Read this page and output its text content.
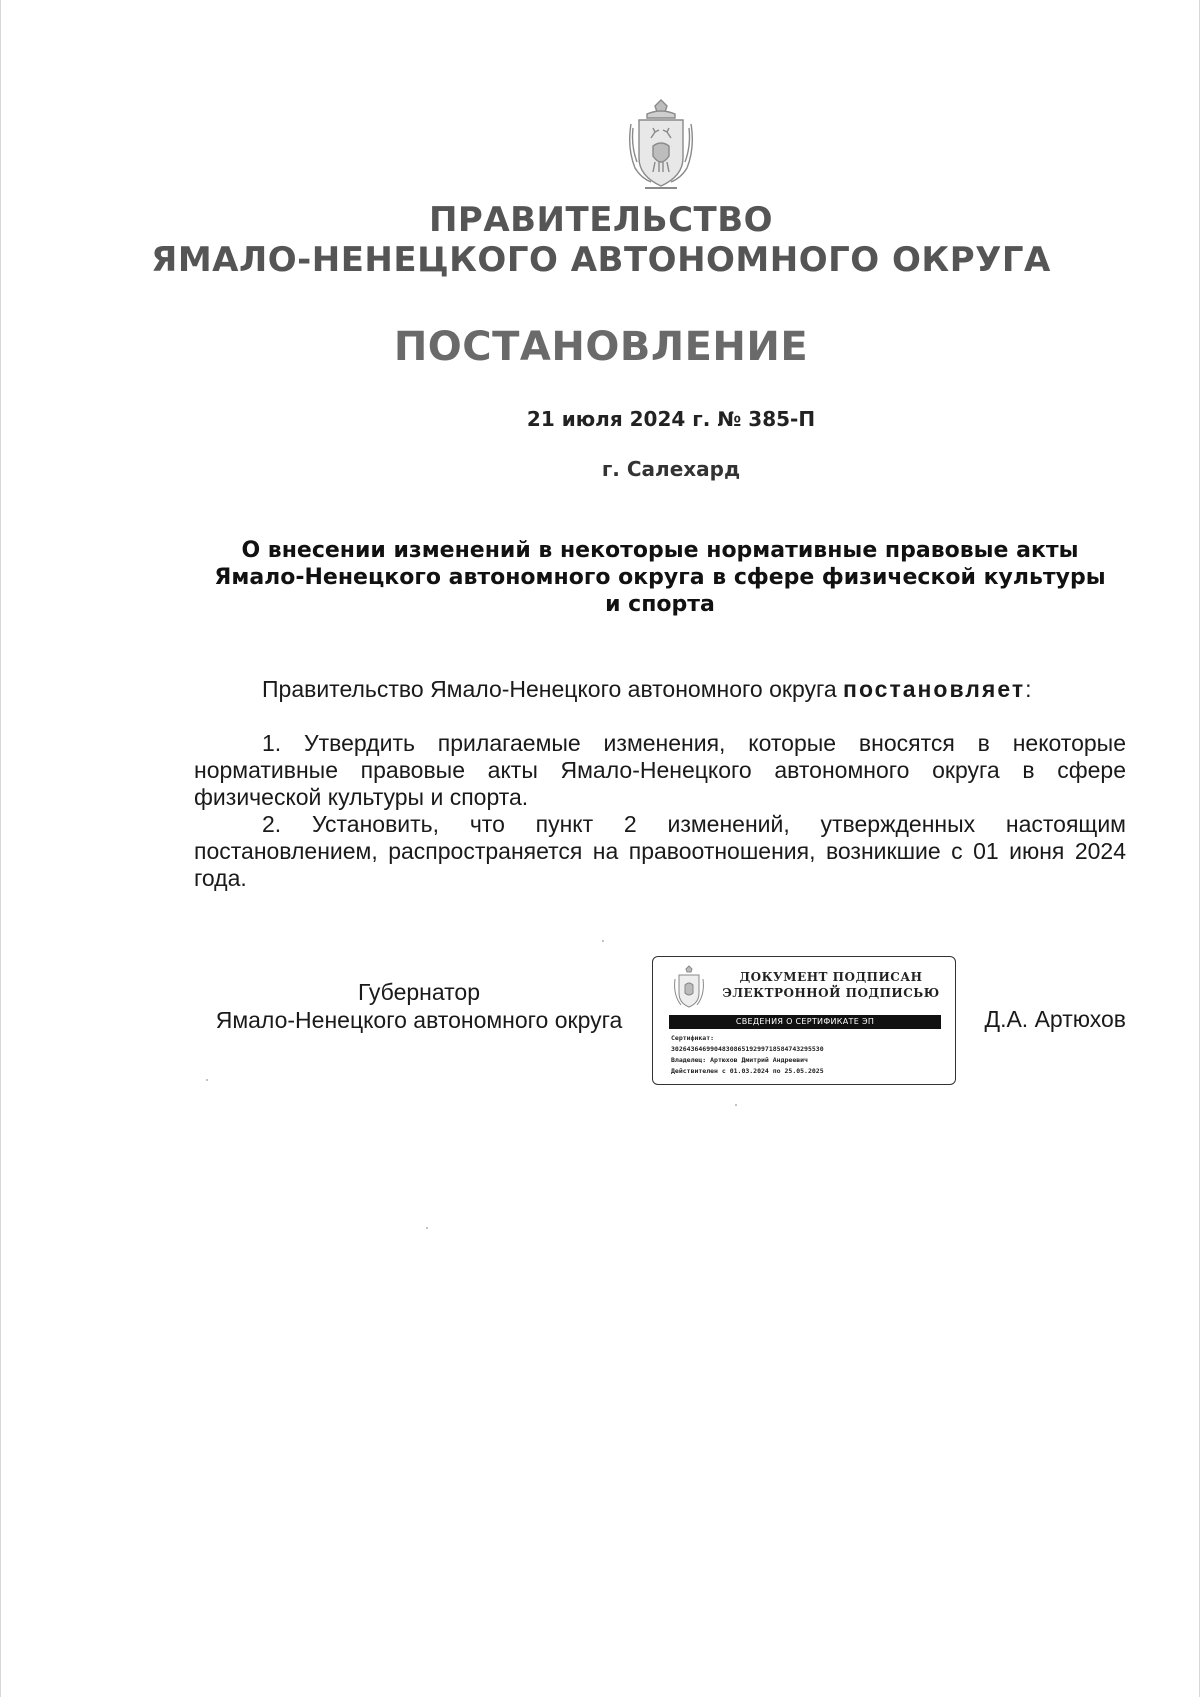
ПРАВИТЕЛЬСТВО
ЯМАЛО-НЕНЕЦКОГО АВТОНОМНОГО ОКРУГА
ПОСТАНОВЛЕНИЕ
21 июля 2024 г. № 385-П
г. Салехард
О внесении изменений в некоторые нормативные правовые акты
Ямало-Ненецкого автономного округа в сфере физической культуры
и спорта
Правительство Ямало-Ненецкого автономного округа постановляет:

1. Утвердить прилагаемые изменения, которые вносятся в некоторые нормативные правовые акты Ямало-Ненецкого автономного округа в сфере физической культуры и спорта.

2. Установить, что пункт 2 изменений, утвержденных настоящим постановлением, распространяется на правоотношения, возникшие с 01 июня 2024 года.

Губернатор
Ямало-Ненецкого автономного округа
ДОКУМЕНТ ПОДПИСАН
ЭЛЕКТРОННОЙ ПОДПИСЬЮ
СВЕДЕНИЯ О СЕРТИФИКАТЕ ЭП
Сертификат:
302643646990483086519299718584743295530
Владелец: Артюхов Дмитрий Андреевич
Действителен с 01.03.2024 по 25.05.2025
Д.А. Артюхов
